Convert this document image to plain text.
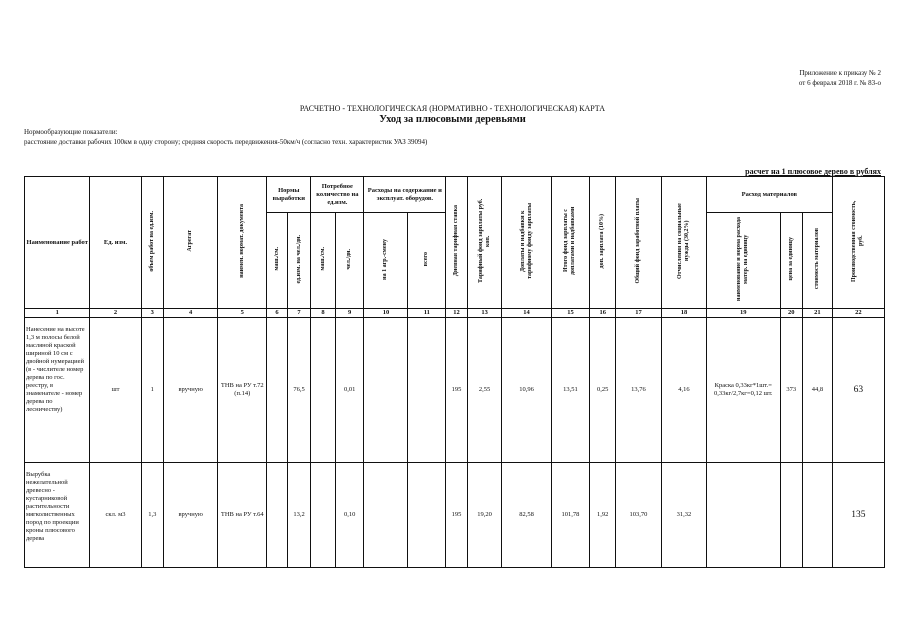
Приложение к приказу № 2
от 6 февраля 2018 г. № 83-о
РАСЧЕТНО - ТЕХНОЛОГИЧЕСКАЯ (НОРМАТИВНО - ТЕХНОЛОГИЧЕСКАЯ) КАРТА
Уход за плюсовыми деревьями
Нормообразующие показатели:
расстояние доставки рабочих 100км в одну сторону; средняя скорость передвижения-50км/ч (согласно техн. характеристик УАЗ 39094)
расчет на 1 плюсовое дерево в рублях
Наименование работ	Ед. изм.	объем работ на ед.изм.	Агрегат	наимен. нормат. документа	Нормы выработки		Потребное количество на ед.изм.		Расходы на содержание и эксплуат. оборудов.		Дневная тарифная ставка	Тарифный фонд зарплаты руб. коп.	Доплаты и надбавки к тарифному фонду зарплаты	Итого фонд зарплаты с доплатами и надбавками	доп. зарплата (10%)	Общий фонд заработной платы	Отчисления на социальные нужды (30,2%)	Расход материалов			Производственная стоимость, руб.
					маш./см.	ед.изм. на чел./дн.	маш./см.	чел./дн.	на 1 агр.-смену	всего								наименование и норма расхода матер. на единицу	цена за единицу	стоимость материалов	
1	2	3	4	5	6	7	8	9	10	11	12	13	14	15	16	17	18	19	20	21	22
Нанесение на высоте 1,3 м полосы белой масляной краской шириной 10 см с двойной нумерацией (в - числителе номер дерева по гос. реестру, в знаменателе - номер дерева по лесничеству)	шт	1	вручную	ТНВ на РУ т.72 (п.14)		76,5		0,01			195	2,55	10,96	13,51	0,25	13,76	4,16	Краска 0,33кг*1шт.= 0,33кг/2,7кг=0,12 шт.	373	44,8	63
Вырубка нежелательной древесно - кустарниковой растительности мягколиственных пород по проекции кроны плюсового дерева	скл. м3	1,3	вручную	ТНВ на РУ т.64		13,2		0,10			195	19,20	82,58	101,78	1,92	103,70	31,32				135
